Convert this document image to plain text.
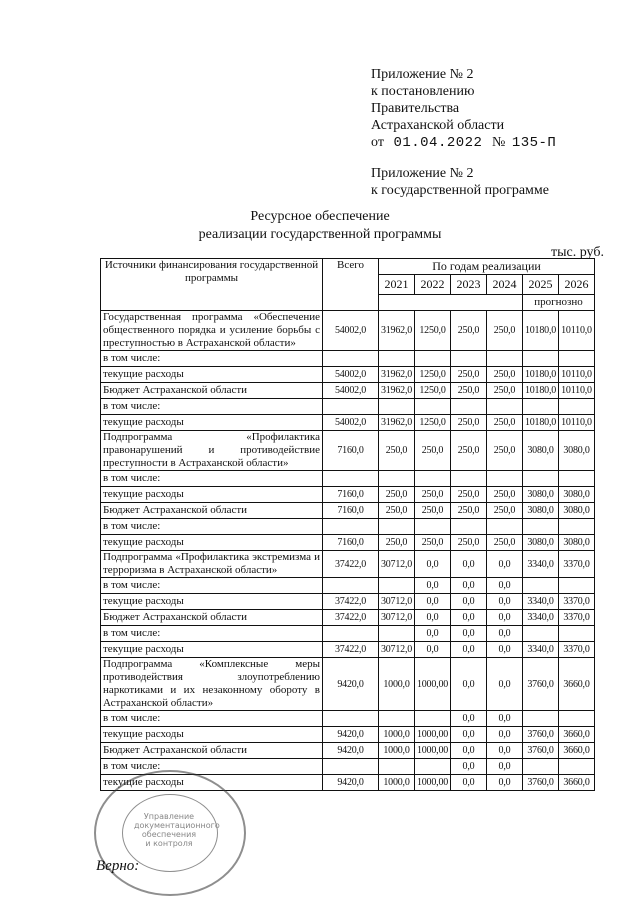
Приложение № 2
к постановлению
Правительства
Астраханской области
от 01.04.2022 № 135-П
Приложение № 2
к государственной программе
Ресурсное обеспечение
реализации государственной программы
тыс. руб.
Источники финансирования государственной программы	Всего	По годам реализации					
		2021	2022	2023	2024	2025	2026
						прогнозно	
Государственная программа «Обеспечение общественного порядка и усиление борьбы с преступностью в Астраханской области»	54002,0	31962,0	1250,0	250,0	250,0	10180,0	10110,0
в том числе:							
текущие расходы	54002,0	31962,0	1250,0	250,0	250,0	10180,0	10110,0
Бюджет Астраханской области	54002,0	31962,0	1250,0	250,0	250,0	10180,0	10110,0
в том числе:							
текущие расходы	54002,0	31962,0	1250,0	250,0	250,0	10180,0	10110,0
Подпрограмма «Профилактика правонарушений и противодействие преступности в Астраханской области»	7160,0	250,0	250,0	250,0	250,0	3080,0	3080,0
в том числе:							
текущие расходы	7160,0	250,0	250,0	250,0	250,0	3080,0	3080,0
Бюджет Астраханской области	7160,0	250,0	250,0	250,0	250,0	3080,0	3080,0
в том числе:							
текущие расходы	7160,0	250,0	250,0	250,0	250,0	3080,0	3080,0
Подпрограмма «Профилактика экстремизма и терроризма в Астраханской области»	37422,0	30712,0	0,0	0,0	0,0	3340,0	3370,0
в том числе:			0,0	0,0	0,0		
текущие расходы	37422,0	30712,0	0,0	0,0	0,0	3340,0	3370,0
Бюджет Астраханской области	37422,0	30712,0	0,0	0,0	0,0	3340,0	3370,0
в том числе:			0,0	0,0	0,0		
текущие расходы	37422,0	30712,0	0,0	0,0	0,0	3340,0	3370,0
Подпрограмма «Комплексные меры противодействия злоупотреблению наркотиками и их незаконному обороту в Астраханской области»	9420,0	1000,0	1000,00	0,0	0,0	3760,0	3660,0
в том числе:				0,0	0,0		
текущие расходы	9420,0	1000,0	1000,00	0,0	0,0	3760,0	3660,0
Бюджет Астраханской области	9420,0	1000,0	1000,00	0,0	0,0	3760,0	3660,0
в том числе:				0,0	0,0		
текущие расходы	9420,0	1000,0	1000,00	0,0	0,0	3760,0	3660,0
Управление
документационного
обеспечения
и контроля
Верно:
